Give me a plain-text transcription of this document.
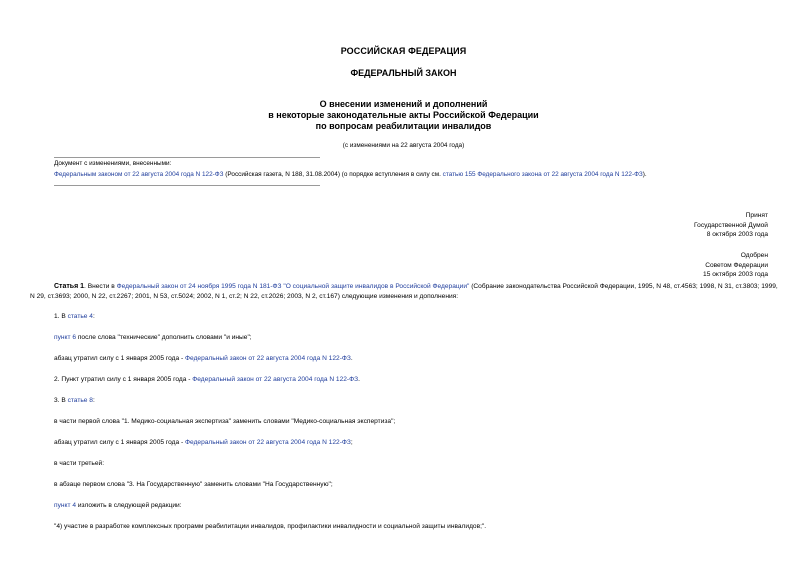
РОССИЙСКАЯ ФЕДЕРАЦИЯ
ФЕДЕРАЛЬНЫЙ ЗАКОН
О внесении изменений и дополнений
в некоторые законодательные акты Российской Федерации
по вопросам реабилитации инвалидов
(с изменениями на 22 августа 2004 года)
Документ с изменениями, внесенными:
Федеральным законом от 22 августа 2004 года N 122-ФЗ (Российская газета, N 188, 31.08.2004) (о порядке вступления в силу см. статью 155 Федерального закона от 22 августа 2004 года N 122-ФЗ).
Принят
Государственной Думой
8 октября 2003 года
Одобрен
Советом Федерации
15 октября 2003 года
Статья 1. Внести в Федеральный закон от 24 ноября 1995 года N 181-ФЗ "О социальной защите инвалидов в Российской Федерации" (Собрание законодательства Российской Федерации, 1995, N 48, ст.4563; 1998, N 31, ст.3803; 1999, N 29, ст.3693; 2000, N 22, ст.2267; 2001, N 53, ст.5024; 2002, N 1, ст.2; N 22, ст.2026; 2003, N 2, ст.167) следующие изменения и дополнения:
1. В статье 4:
пункт 6 после слова "технические" дополнить словами "и иные";
абзац утратил силу с 1 января 2005 года - Федеральный закон от 22 августа 2004 года N 122-ФЗ.
2. Пункт утратил силу с 1 января 2005 года - Федеральный закон от 22 августа 2004 года N 122-ФЗ.
3. В статье 8:
в части первой слова "1. Медико-социальная экспертиза" заменить словами "Медико-социальная экспертиза";
абзац утратил силу с 1 января 2005 года - Федеральный закон от 22 августа 2004 года N 122-ФЗ;
в части третьей:
в абзаце первом слова "3. На Государственную" заменить словами "На Государственную";
пункт 4 изложить в следующей редакции:
"4) участие в разработке комплексных программ реабилитации инвалидов, профилактики инвалидности и социальной защиты инвалидов;".
